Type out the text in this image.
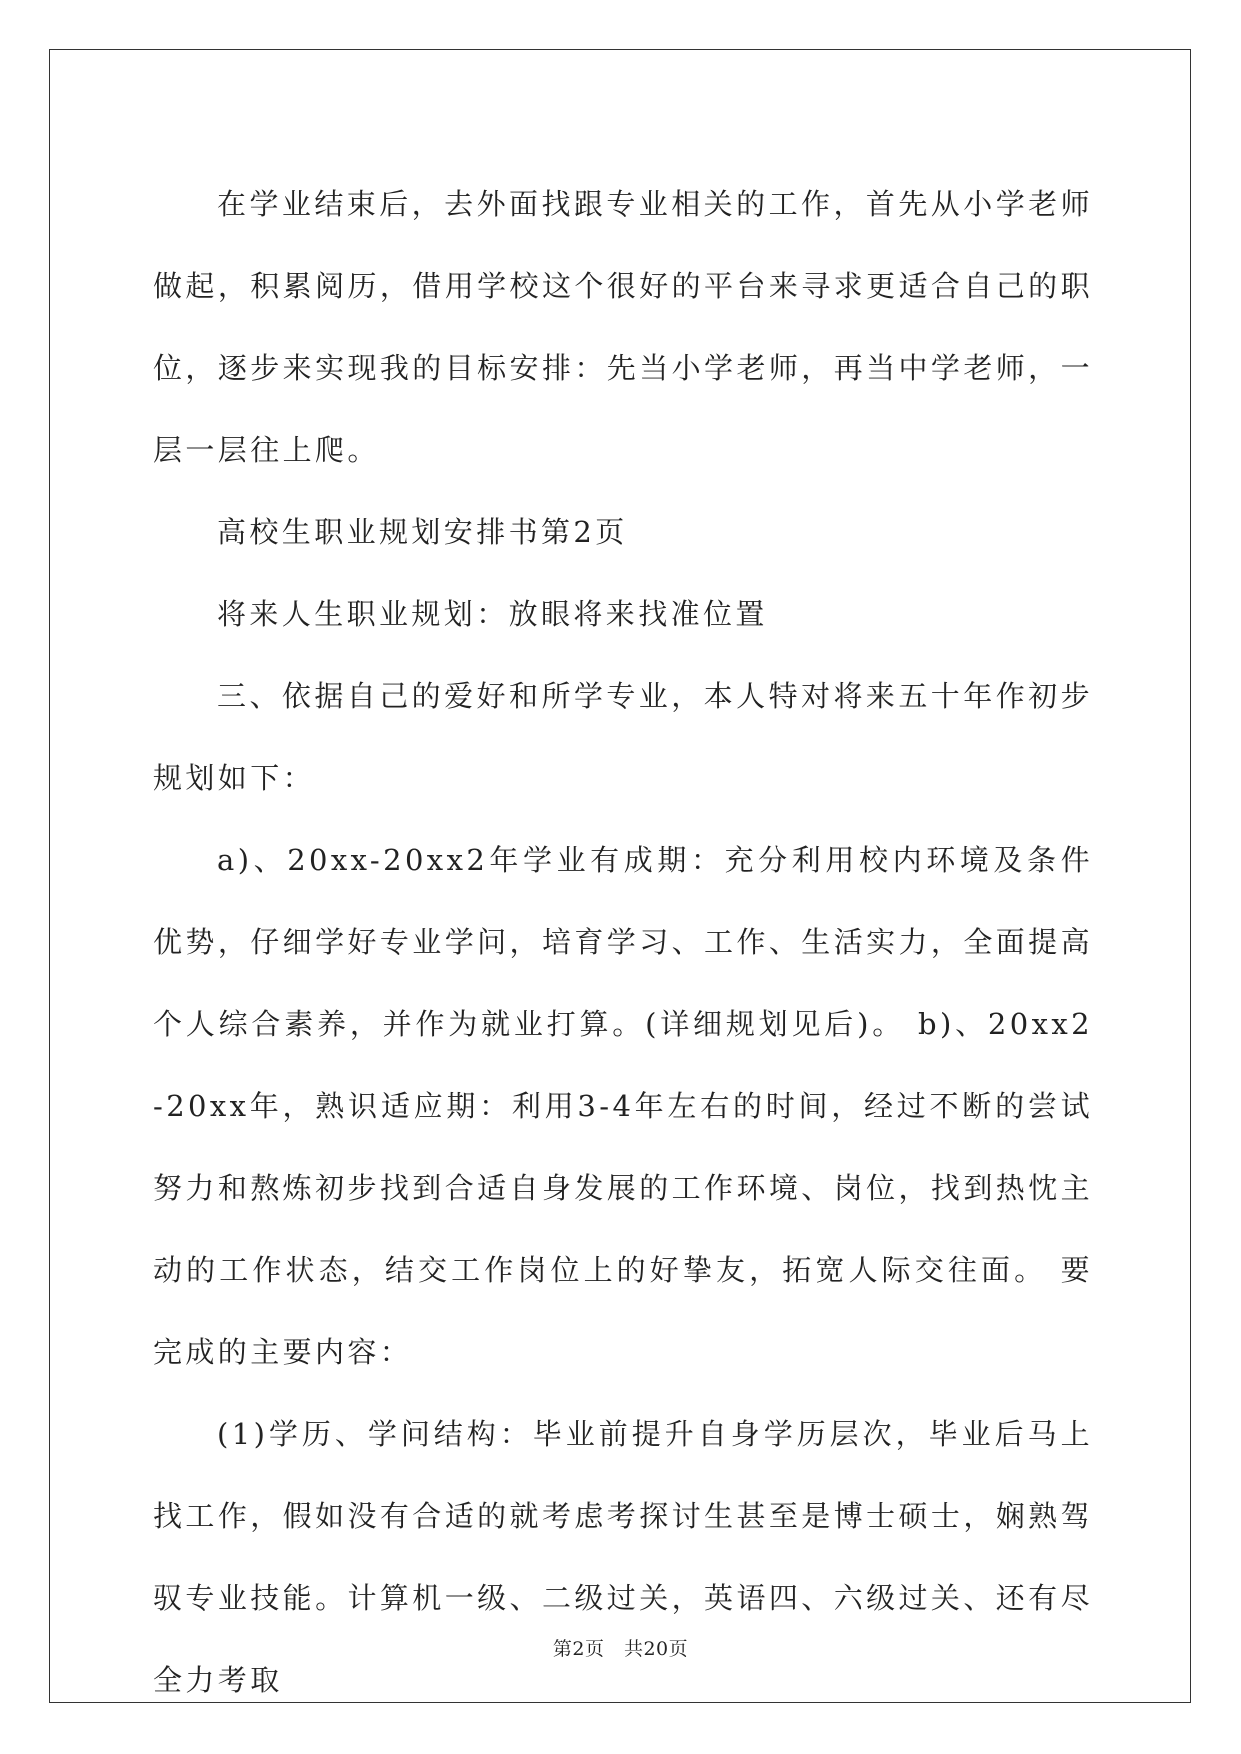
在学业结束后，去外面找跟专业相关的工作，首先从小学老师做起，积累阅历，借用学校这个很好的平台来寻求更适合自己的职位，逐步来实现我的目标安排：先当小学老师，再当中学老师，一层一层往上爬。

高校生职业规划安排书第2页

将来人生职业规划：放眼将来找准位置

三、依据自己的爱好和所学专业，本人特对将来五十年作初步规划如下：

a)、20xx-20xx2年学业有成期：充分利用校内环境及条件优势，仔细学好专业学问，培育学习、工作、生活实力，全面提高个人综合素养，并作为就业打算。(详细规划见后)。 b)、20xx2-20xx年，熟识适应期：利用3-4年左右的时间，经过不断的尝试努力和熬炼初步找到合适自身发展的工作环境、岗位，找到热忱主动的工作状态，结交工作岗位上的好挚友，拓宽人际交往面。 要完成的主要内容：

(1)学历、学问结构：毕业前提升自身学历层次，毕业后马上找工作，假如没有合适的就考虑考探讨生甚至是博士硕士，娴熟驾驭专业技能。计算机一级、二级过关，英语四、六级过关、还有尽全力考取

第2页　共20页
